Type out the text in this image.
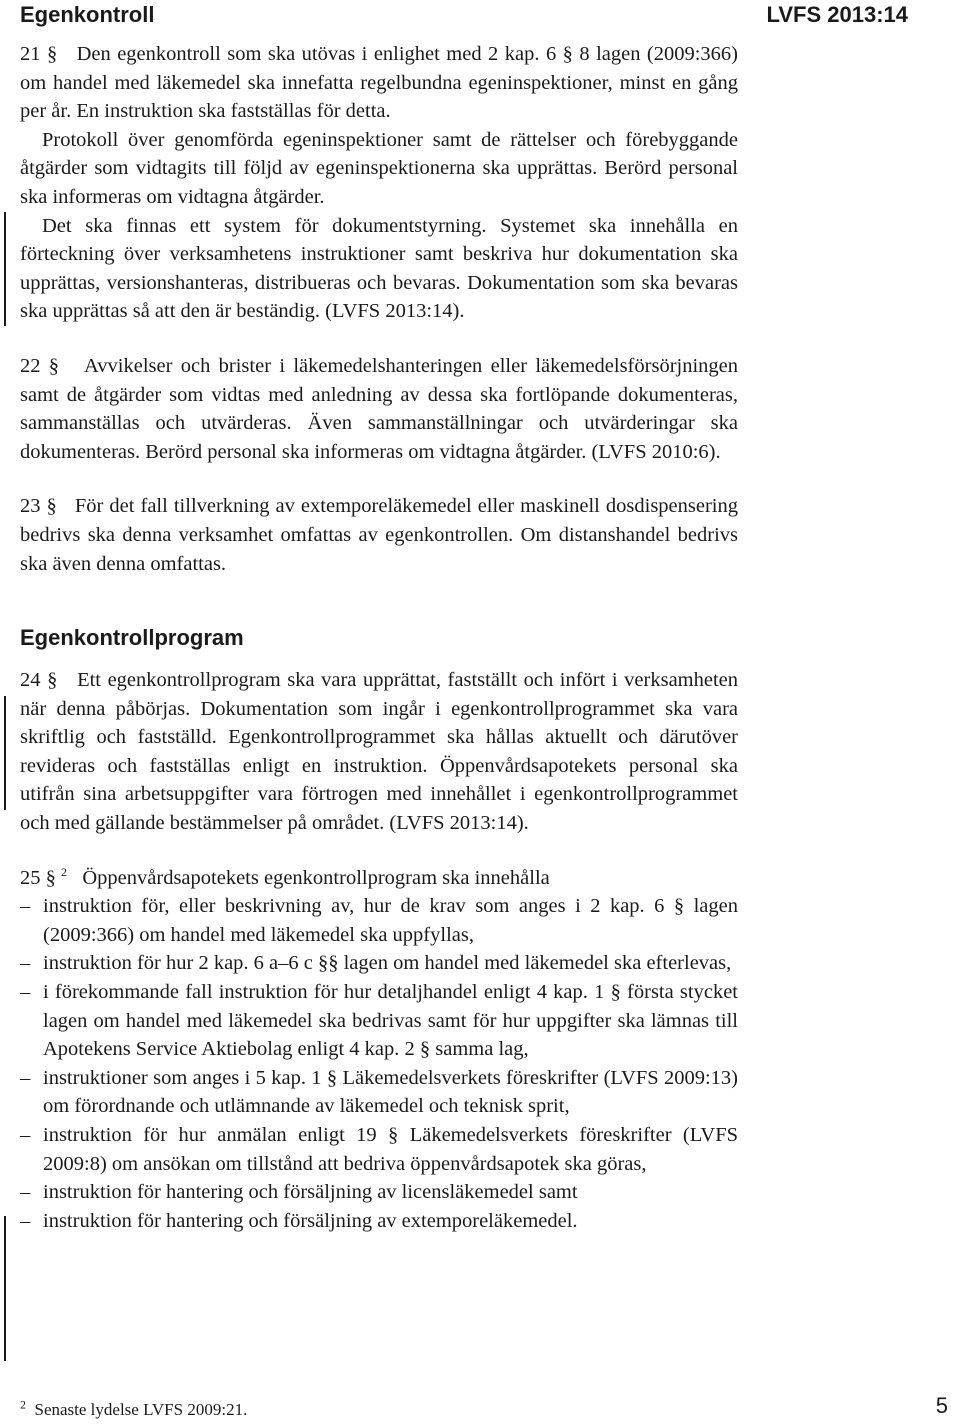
Egenkontroll	LVFS 2013:14

21 § Den egenkontroll som ska utövas i enlighet med 2 kap. 6 § 8 lagen (2009:366) om handel med läkemedel ska innefatta regelbundna egeninspektioner, minst en gång per år. En instruktion ska fastställas för detta.

Protokoll över genomförda egeninspektioner samt de rättelser och förebyggande åtgärder som vidtagits till följd av egeninspektionerna ska upprättas. Berörd personal ska informeras om vidtagna åtgärder.

Det ska finnas ett system för dokumentstyrning. Systemet ska innehålla en förteckning över verksamhetens instruktioner samt beskriva hur dokumentation ska upprättas, versionshanteras, distribueras och bevaras. Dokumentation som ska bevaras ska upprättas så att den är beständig. (LVFS 2013:14).

22 § Avvikelser och brister i läkemedelshanteringen eller läkemedelsförsörjningen samt de åtgärder som vidtas med anledning av dessa ska fortlöpande dokumenteras, sammanställas och utvärderas. Även sammanställningar och utvärderingar ska dokumenteras. Berörd personal ska informeras om vidtagna åtgärder. (LVFS 2010:6).

23 § För det fall tillverkning av extemporeläkemedel eller maskinell dosdispensering bedrivs ska denna verksamhet omfattas av egenkontrollen. Om distanshandel bedrivs ska även denna omfattas.

Egenkontrollprogram

24 § Ett egenkontrollprogram ska vara upprättat, fastställt och infört i verksamheten när denna påbörjas. Dokumentation som ingår i egenkontrollprogrammet ska vara skriftlig och fastställd. Egenkontrollprogrammet ska hållas aktuellt och därutöver revideras och fastställas enligt en instruktion. Öppenvårdsapotekets personal ska utifrån sina arbetsuppgifter vara förtrogen med innehållet i egenkontrollprogrammet och med gällande bestämmelser på området. (LVFS 2013:14).

25 § $^2$ Öppenvårdsapotekets egenkontrollprogram ska innehålla

– instruktion för, eller beskrivning av, hur de krav som anges i 2 kap. 6 § lagen (2009:366) om handel med läkemedel ska uppfyllas,
– instruktion för hur 2 kap. 6 a–6 c §§ lagen om handel med läkemedel ska efterlevas,
– i förekommande fall instruktion för hur detaljhandel enligt 4 kap. 1 § första stycket lagen om handel med läkemedel ska bedrivas samt för hur uppgifter ska lämnas till Apotekens Service Aktiebolag enligt 4 kap. 2 § samma lag,
– instruktioner som anges i 5 kap. 1 § Läkemedelsverkets föreskrifter (LVFS 2009:13) om förordnande och utlämnande av läkemedel och teknisk sprit,
– instruktion för hur anmälan enligt 19 § Läkemedelsverkets föreskrifter (LVFS 2009:8) om ansökan om tillstånd att bedriva öppenvårdsapotek ska göras,
– instruktion för hantering och försäljning av licensläkemedel samt
– instruktion för hantering och försäljning av extemporeläkemedel.
$^2$ Senaste lydelse LVFS 2009:21.	5
